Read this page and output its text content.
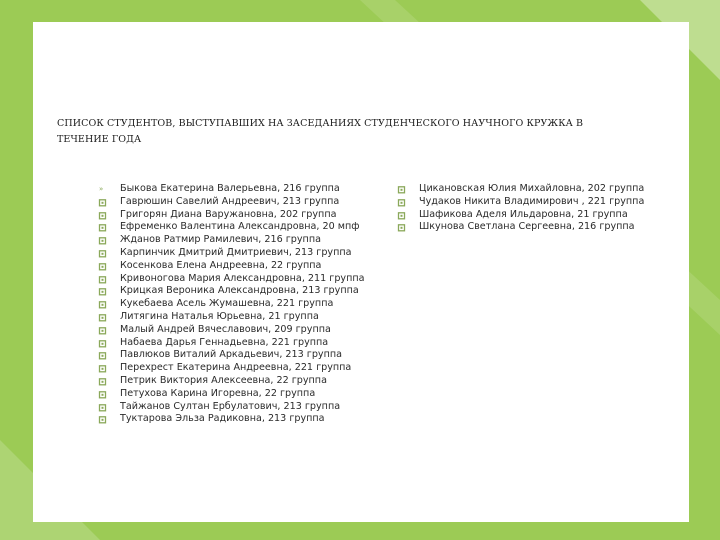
СПИСОК СТУДЕНТОВ, ВЫСТУПАВШИХ НА ЗАСЕДАНИЯХ СТУДЕНЧЕСКОГО НАУЧНОГО КРУЖКА В ТЕЧЕНИЕ ГОДА
» Быкова Екатерина Валерьевна, 216 группа
Гаврюшин Савелий Андреевич, 213 группа
Григорян Диана Варужановна, 202 группа
Ефременко Валентина Александровна, 20 мпф
Жданов Ратмир Рамилевич, 216 группа
Карпинчик Дмитрий Дмитриевич, 213 группа
Косенкова Елена Андреевна, 22 группа
Кривоногова Мария Александровна, 211 группа
Крицкая Вероника Александровна, 213 группа
Кукебаева Асель Жумашевна, 221 группа
Литягина Наталья Юрьевна, 21 группа
Малый Андрей Вячеславович, 209 группа
Набаева Дарья Геннадьевна, 221 группа
Павлюков Виталий Аркадьевич, 213 группа
Перехрест Екатерина Андреевна, 221 группа
Петрик Виктория Алексеевна, 22 группа
Петухова Карина Игоревна, 22 группа
Тайжанов Султан Ербулатович, 213 группа
Туктарова Эльза Радиковна, 213 группа
Цикановская Юлия Михайловна, 202 группа
Чудаков Никита Владимирович , 221 группа
Шафикова Аделя Ильдаровна, 21 группа
Шкунова Светлана Сергеевна, 216 группа
